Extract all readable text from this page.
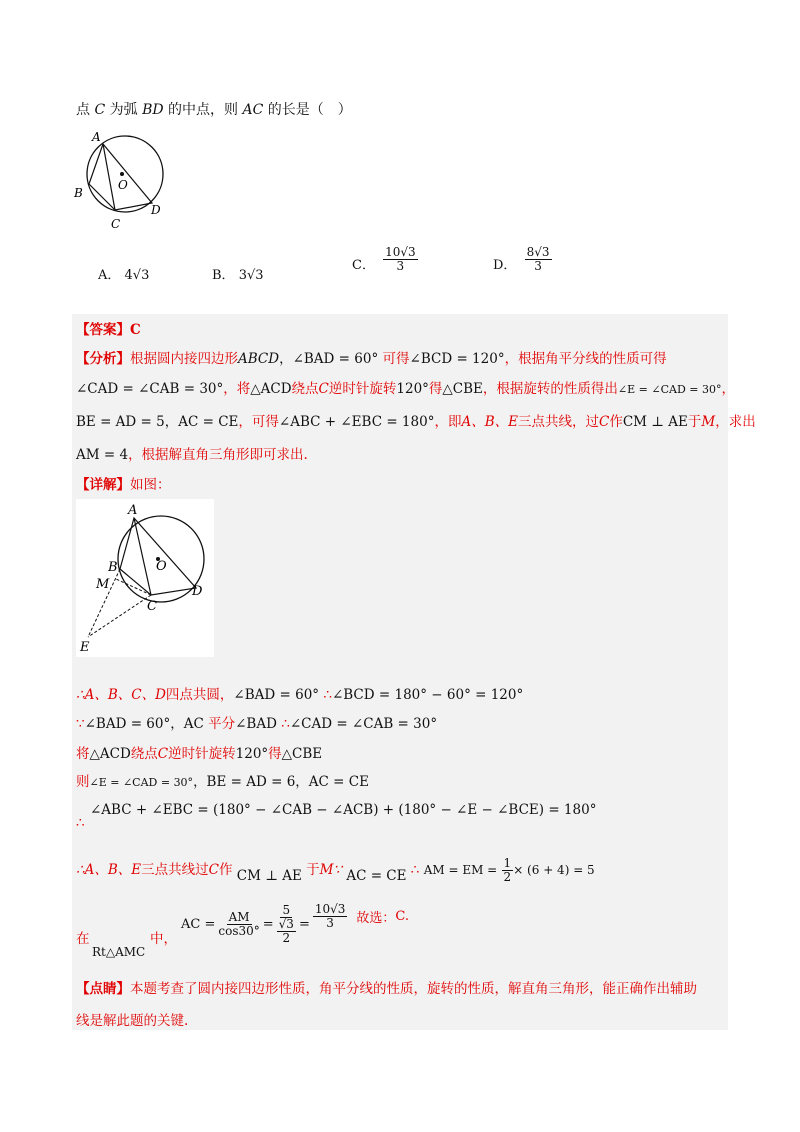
点 C 为弧 BD 的中点，则 AC 的长是（　）
A
B
C
D
O
A． 4√3	B． 3√3
C． $\frac{10√3}{3}$	D． $\frac{8√3}{3}$
【答案】C
【分析】根据圆内接四边形ABCD，∠BAD = 60° 可得∠BCD = 120°，根据角平分线的性质可得
∠CAD = ∠CAB = 30°，将△ACD绕点C逆时针旋转120°得△CBE，根据旋转的性质得出∠E = ∠CAD = 30°，
BE = AD = 5，AC = CE，可得∠ABC + ∠EBC = 180°，即A、B、E三点共线，过C作CM ⊥ AE于M，求出
AM = 4，根据解直角三角形即可求出.
【详解】如图：
A
B
C
D
O
M
E
∴A、B、C、D四点共圆，∠BAD = 60° ∴∠BCD = 180° − 60° = 120°
∵∠BAD = 60°，AC 平分∠BAD ∴∠CAD = ∠CAB = 30°
将△ACD绕点C逆时针旋转120°得△CBE
则∠E = ∠CAD = 30°，BE = AD = 6，AC = CE
∠ABC + ∠EBC = (180° − ∠CAB − ∠ACB) + (180° − ∠E − ∠BCE) = 180°
∴
∴A、B、E三点共线过C作 CM ⊥ AE 于M∵ AC = CE ∴ AM = EM = $\frac{1}{2} \times (6 + 4) = 5$
在
Rt△AMC
中，
AC = $\frac{AM}{\cos 30^\circ} = \frac{5}{\frac{√3}{2}} = \frac{10√3}{3}$ 故选： C.
【点睛】本题考查了圆内接四边形性质，角平分线的性质，旋转的性质，解直角三角形，能正确作出辅助
线是解此题的关键.
